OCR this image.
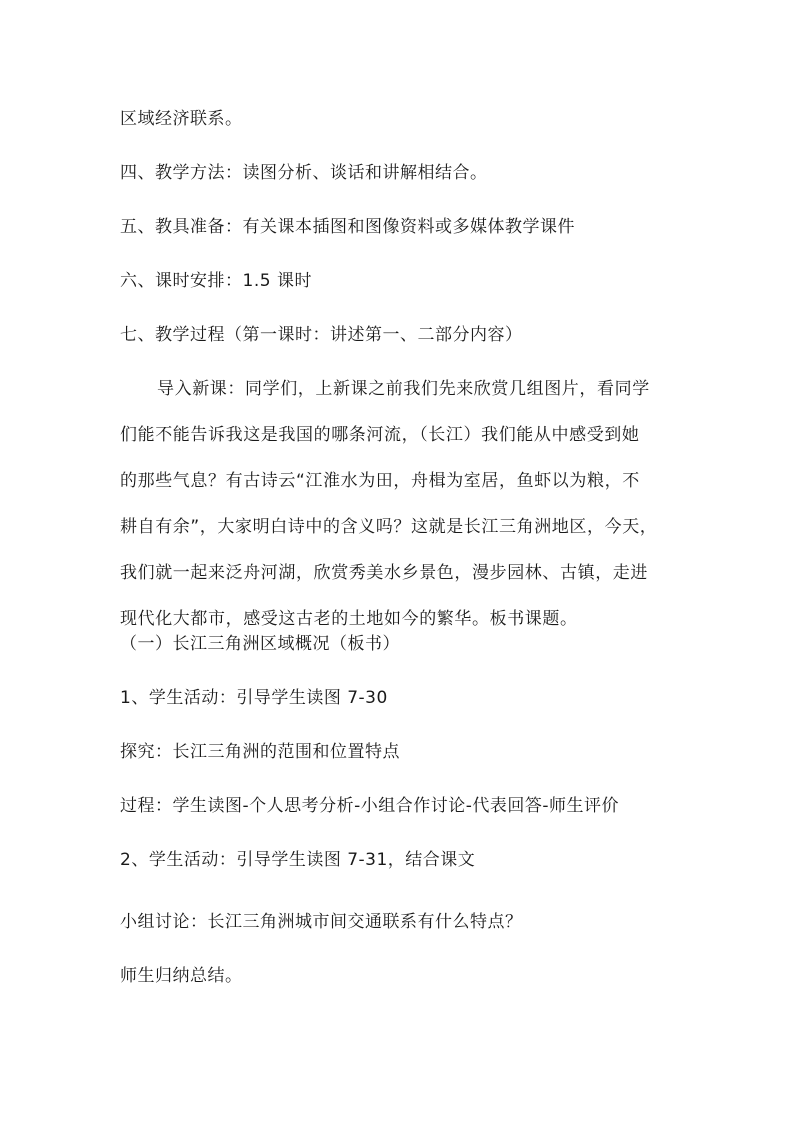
区域经济联系。
四、教学方法：读图分析、谈话和讲解相结合。
五、教具准备：有关课本插图和图像资料或多媒体教学课件
六、课时安排：1.5 课时
七、教学过程（第一课时：讲述第一、二部分内容）
导入新课：同学们，上新课之前我们先来欣赏几组图片，看同学
们能不能告诉我这是我国的哪条河流，（长江）我们能从中感受到她
的那些气息？有古诗云“江淮水为田，舟楫为室居，鱼虾以为粮，不
耕自有余”，大家明白诗中的含义吗？这就是长江三角洲地区，今天，
我们就一起来泛舟河湖，欣赏秀美水乡景色，漫步园林、古镇，走进
现代化大都市，感受这古老的土地如今的繁华。板书课题。
（一）长江三角洲区域概况（板书）
1、学生活动：引导学生读图 7-30
探究：长江三角洲的范围和位置特点
过程：学生读图-个人思考分析-小组合作讨论-代表回答-师生评价
2、学生活动：引导学生读图 7-31，结合课文
小组讨论：长江三角洲城市间交通联系有什么特点？
师生归纳总结。
